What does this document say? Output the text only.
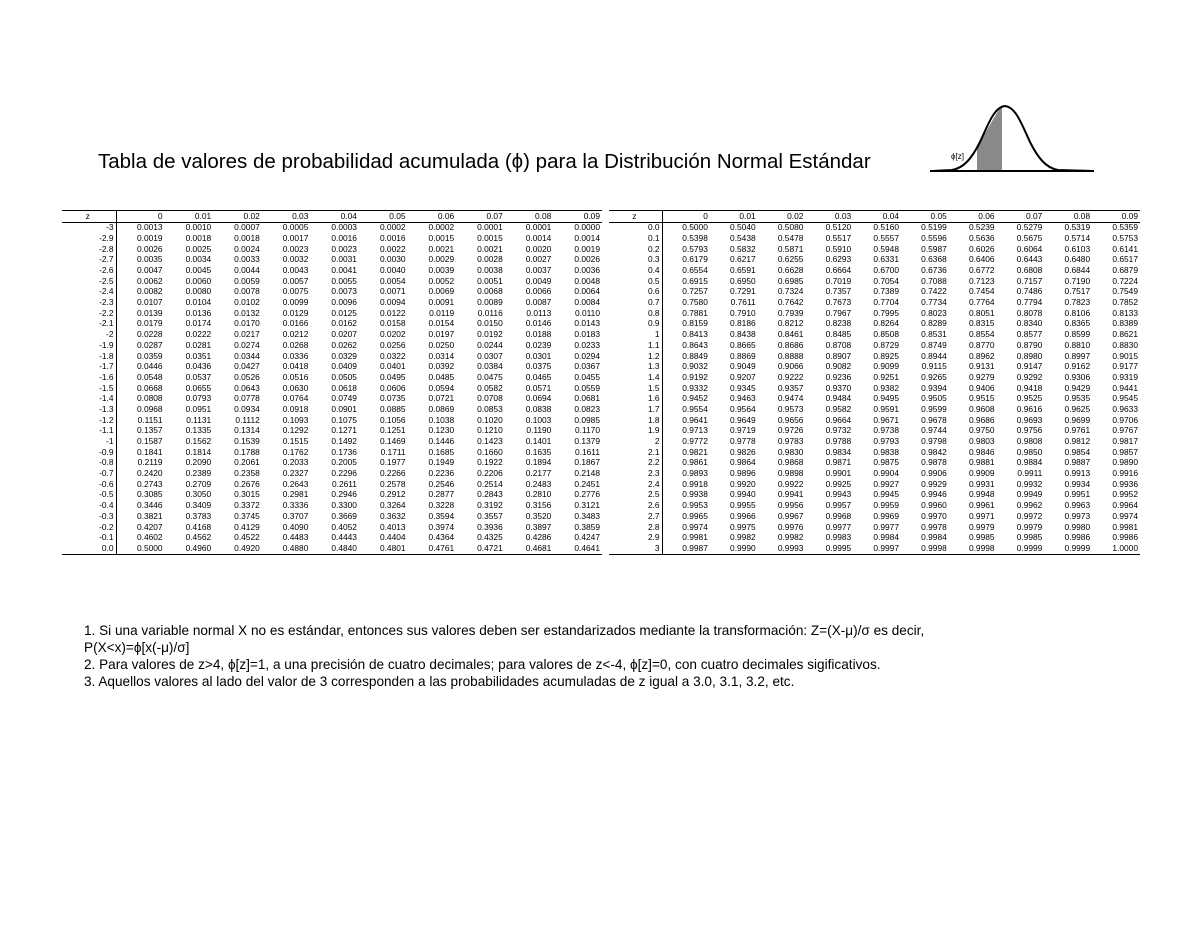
Tabla de valores de probabilidad acumulada (ϕ) para la Distribución Normal Estándar	ϕ[z]
z	0	0.01	0.02	0.03	0.04	0.05	0.06	0.07	0.08	0.09
-3	0.0013	0.0010	0.0007	0.0005	0.0003	0.0002	0.0002	0.0001	0.0001	0.0000
-2.9	0.0019	0.0018	0.0018	0.0017	0.0016	0.0016	0.0015	0.0015	0.0014	0.0014
-2.8	0.0026	0.0025	0.0024	0.0023	0.0023	0.0022	0.0021	0.0021	0.0020	0.0019
-2.7	0.0035	0.0034	0.0033	0.0032	0.0031	0.0030	0.0029	0.0028	0.0027	0.0026
-2.6	0.0047	0.0045	0.0044	0.0043	0.0041	0.0040	0.0039	0.0038	0.0037	0.0036
-2.5	0.0062	0.0060	0.0059	0.0057	0.0055	0.0054	0.0052	0.0051	0.0049	0.0048
-2.4	0.0082	0.0080	0.0078	0.0075	0.0073	0.0071	0.0069	0.0068	0.0066	0.0064
-2.3	0.0107	0.0104	0.0102	0.0099	0.0096	0.0094	0.0091	0.0089	0.0087	0.0084
-2.2	0.0139	0.0136	0.0132	0.0129	0.0125	0.0122	0.0119	0.0116	0.0113	0.0110
-2.1	0.0179	0.0174	0.0170	0.0166	0.0162	0.0158	0.0154	0.0150	0.0146	0.0143
-2	0.0228	0.0222	0.0217	0.0212	0.0207	0.0202	0.0197	0.0192	0.0188	0.0183
-1.9	0.0287	0.0281	0.0274	0.0268	0.0262	0.0256	0.0250	0.0244	0.0239	0.0233
-1.8	0.0359	0.0351	0.0344	0.0336	0.0329	0.0322	0.0314	0.0307	0.0301	0.0294
-1.7	0.0446	0.0436	0.0427	0.0418	0.0409	0.0401	0.0392	0.0384	0.0375	0.0367
-1.6	0.0548	0.0537	0.0526	0.0516	0.0505	0.0495	0.0485	0.0475	0.0465	0.0455
-1.5	0.0668	0.0655	0.0643	0.0630	0.0618	0.0606	0.0594	0.0582	0.0571	0.0559
-1.4	0.0808	0.0793	0.0778	0.0764	0.0749	0.0735	0.0721	0.0708	0.0694	0.0681
-1.3	0.0968	0.0951	0.0934	0.0918	0.0901	0.0885	0.0869	0.0853	0.0838	0.0823
-1.2	0.1151	0.1131	0.1112	0.1093	0.1075	0.1056	0.1038	0.1020	0.1003	0.0985
-1.1	0.1357	0.1335	0.1314	0.1292	0.1271	0.1251	0.1230	0.1210	0.1190	0.1170
-1	0.1587	0.1562	0.1539	0.1515	0.1492	0.1469	0.1446	0.1423	0.1401	0.1379
-0.9	0.1841	0.1814	0.1788	0.1762	0.1736	0.1711	0.1685	0.1660	0.1635	0.1611
-0.8	0.2119	0.2090	0.2061	0.2033	0.2005	0.1977	0.1949	0.1922	0.1894	0.1867
-0.7	0.2420	0.2389	0.2358	0.2327	0.2296	0.2266	0.2236	0.2206	0.2177	0.2148
-0.6	0.2743	0.2709	0.2676	0.2643	0.2611	0.2578	0.2546	0.2514	0.2483	0.2451
-0.5	0.3085	0.3050	0.3015	0.2981	0.2946	0.2912	0.2877	0.2843	0.2810	0.2776
-0.4	0.3446	0.3409	0.3372	0.3336	0.3300	0.3264	0.3228	0.3192	0.3156	0.3121
-0.3	0.3821	0.3783	0.3745	0.3707	0.3669	0.3632	0.3594	0.3557	0.3520	0.3483
-0.2	0.4207	0.4168	0.4129	0.4090	0.4052	0.4013	0.3974	0.3936	0.3897	0.3859
-0.1	0.4602	0.4562	0.4522	0.4483	0.4443	0.4404	0.4364	0.4325	0.4286	0.4247
0.0	0.5000	0.4960	0.4920	0.4880	0.4840	0.4801	0.4761	0.4721	0.4681	0.4641
z	0	0.01	0.02	0.03	0.04	0.05	0.06	0.07	0.08	0.09
0.0	0.5000	0.5040	0.5080	0.5120	0.5160	0.5199	0.5239	0.5279	0.5319	0.5359
0.1	0.5398	0.5438	0.5478	0.5517	0.5557	0.5596	0.5636	0.5675	0.5714	0.5753
0.2	0.5793	0.5832	0.5871	0.5910	0.5948	0.5987	0.6026	0.6064	0.6103	0.6141
0.3	0.6179	0.6217	0.6255	0.6293	0.6331	0.6368	0.6406	0.6443	0.6480	0.6517
0.4	0.6554	0.6591	0.6628	0.6664	0.6700	0.6736	0.6772	0.6808	0.6844	0.6879
0.5	0.6915	0.6950	0.6985	0.7019	0.7054	0.7088	0.7123	0.7157	0.7190	0.7224
0.6	0.7257	0.7291	0.7324	0.7357	0.7389	0.7422	0.7454	0.7486	0.7517	0.7549
0.7	0.7580	0.7611	0.7642	0.7673	0.7704	0.7734	0.7764	0.7794	0.7823	0.7852
0.8	0.7881	0.7910	0.7939	0.7967	0.7995	0.8023	0.8051	0.8078	0.8106	0.8133
0.9	0.8159	0.8186	0.8212	0.8238	0.8264	0.8289	0.8315	0.8340	0.8365	0.8389
1	0.8413	0.8438	0.8461	0.8485	0.8508	0.8531	0.8554	0.8577	0.8599	0.8621
1.1	0.8643	0.8665	0.8686	0.8708	0.8729	0.8749	0.8770	0.8790	0.8810	0.8830
1.2	0.8849	0.8869	0.8888	0.8907	0.8925	0.8944	0.8962	0.8980	0.8997	0.9015
1.3	0.9032	0.9049	0.9066	0.9082	0.9099	0.9115	0.9131	0.9147	0.9162	0.9177
1.4	0.9192	0.9207	0.9222	0.9236	0.9251	0.9265	0.9279	0.9292	0.9306	0.9319
1.5	0.9332	0.9345	0.9357	0.9370	0.9382	0.9394	0.9406	0.9418	0.9429	0.9441
1.6	0.9452	0.9463	0.9474	0.9484	0.9495	0.9505	0.9515	0.9525	0.9535	0.9545
1.7	0.9554	0.9564	0.9573	0.9582	0.9591	0.9599	0.9608	0.9616	0.9625	0.9633
1.8	0.9641	0.9649	0.9656	0.9664	0.9671	0.9678	0.9686	0.9693	0.9699	0.9706
1.9	0.9713	0.9719	0.9726	0.9732	0.9738	0.9744	0.9750	0.9756	0.9761	0.9767
2	0.9772	0.9778	0.9783	0.9788	0.9793	0.9798	0.9803	0.9808	0.9812	0.9817
2.1	0.9821	0.9826	0.9830	0.9834	0.9838	0.9842	0.9846	0.9850	0.9854	0.9857
2.2	0.9861	0.9864	0.9868	0.9871	0.9875	0.9878	0.9881	0.9884	0.9887	0.9890
2.3	0.9893	0.9896	0.9898	0.9901	0.9904	0.9906	0.9909	0.9911	0.9913	0.9916
2.4	0.9918	0.9920	0.9922	0.9925	0.9927	0.9929	0.9931	0.9932	0.9934	0.9936
2.5	0.9938	0.9940	0.9941	0.9943	0.9945	0.9946	0.9948	0.9949	0.9951	0.9952
2.6	0.9953	0.9955	0.9956	0.9957	0.9959	0.9960	0.9961	0.9962	0.9963	0.9964
2.7	0.9965	0.9966	0.9967	0.9968	0.9969	0.9970	0.9971	0.9972	0.9973	0.9974
2.8	0.9974	0.9975	0.9976	0.9977	0.9977	0.9978	0.9979	0.9979	0.9980	0.9981
2.9	0.9981	0.9982	0.9982	0.9983	0.9984	0.9984	0.9985	0.9985	0.9986	0.9986
3	0.9987	0.9990	0.9993	0.9995	0.9997	0.9998	0.9998	0.9999	0.9999	1.0000
1. Si una variable normal X no es estándar, entonces sus valores deben ser estandarizados mediante la transformación: Z=(X-μ)/σ es decir,
P(X<x)=ϕ[x(-μ)/σ]
2. Para valores de z>4, ϕ[z]=1, a una precisión de cuatro decimales; para valores de z<-4, ϕ[z]=0, con cuatro decimales sigificativos.
3. Aquellos valores al lado del valor de 3 corresponden a las probabilidades acumuladas de z igual a 3.0, 3.1, 3.2, etc.
